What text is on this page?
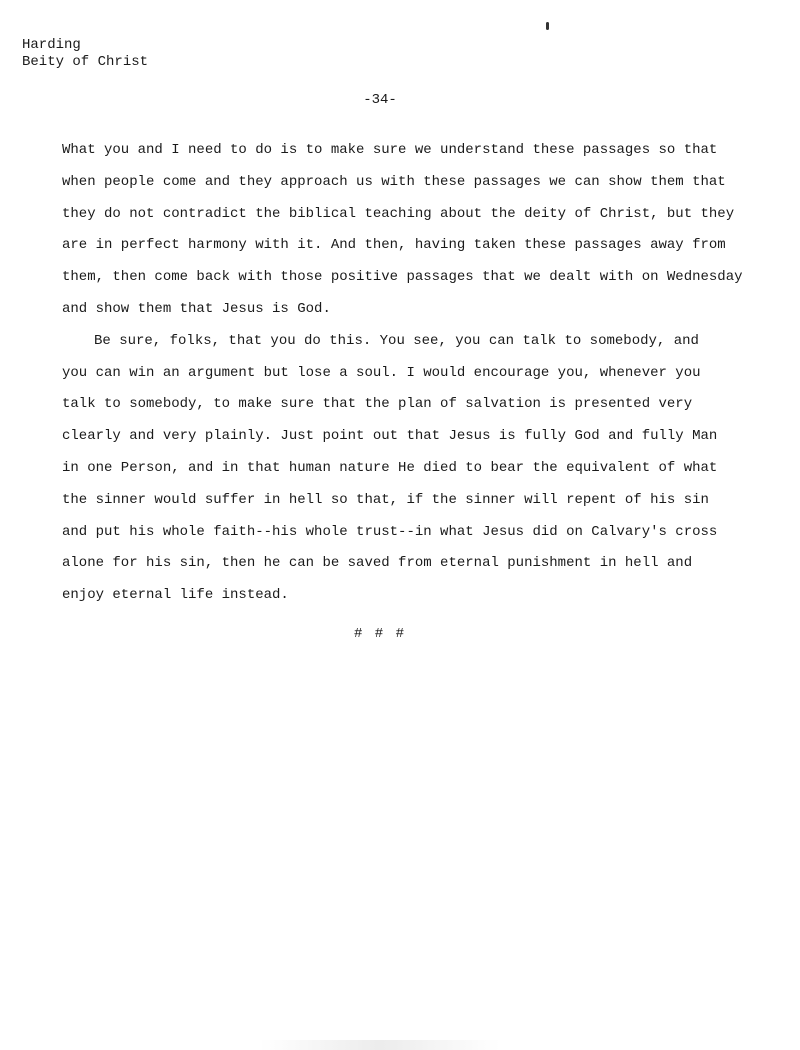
Harding
Beity of Christ
-34-
What you and I need to do is to make sure we understand these passages so that
when people come and they approach us with these passages we can show them that
they do not contradict the biblical teaching about the deity of Christ, but they
are in perfect harmony with it. And then, having taken these passages away from
them, then come back with those positive passages that we dealt with on Wednesday
and show them that Jesus is God.
Be sure, folks, that you do this. You see, you can talk to somebody, and
you can win an argument but lose a soul. I would encourage you, whenever you
talk to somebody, to make sure that the plan of salvation is presented very
clearly and very plainly. Just point out that Jesus is fully God and fully Man
in one Person, and in that human nature He died to bear the equivalent of what
the sinner would suffer in hell so that, if the sinner will repent of his sin
and put his whole faith--his whole trust--in what Jesus did on Calvary's cross
alone for his sin, then he can be saved from eternal punishment in hell and
enjoy eternal life instead.
# # #
